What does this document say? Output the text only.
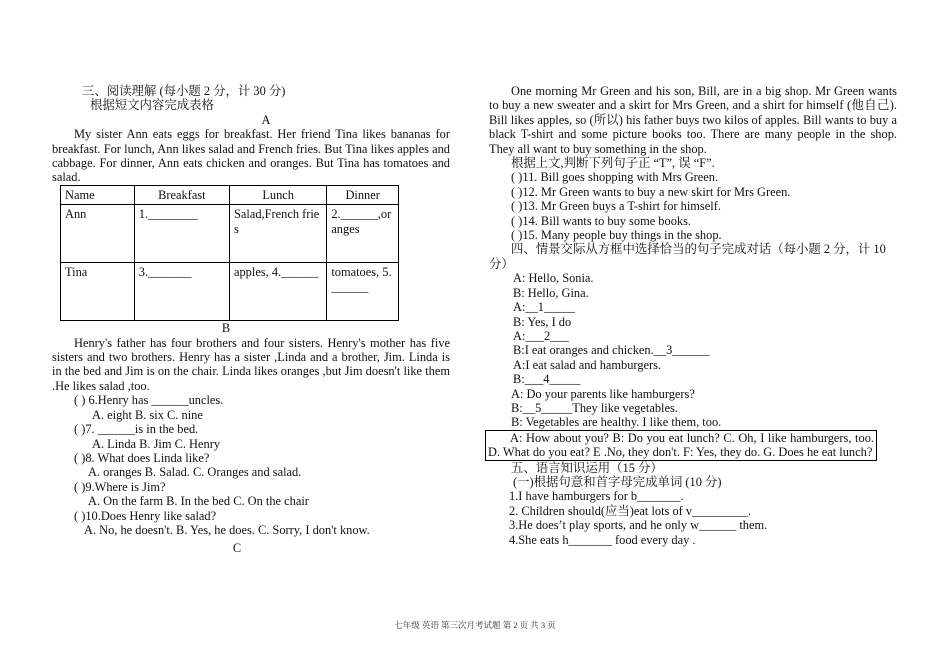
三、阅读理解 (每小题 2 分，计 30 分)
根据短文内容完成表格
A
My sister Ann eats eggs for breakfast. Her friend Tina likes bananas for breakfast. For lunch, Ann likes salad and French fries. But Tina likes apples and cabbage. For dinner, Ann eats chicken and oranges. But Tina has tomatoes and salad.
Name	Breakfast	Lunch	Dinner
Ann	1.________	Salad,French fries	2.______,oranges
Tina	3._______	apples, 4.______	tomatoes, 5.______
B
Henry's father has four brothers and four sisters. Henry's mother has five sisters and two brothers. Henry has a sister ,Linda and a brother, Jim. Linda is in the bed and Jim is on the chair. Linda likes oranges ,but Jim doesn't like them .He likes salad ,too.
( ) 6.Henry has ______uncles.
A. eight B. six C. nine
( )7. ______is in the bed.
A. Linda B. Jim C. Henry
( )8. What does Linda like?
A. oranges B. Salad. C. Oranges and salad.
( )9.Where is Jim?
A. On the farm B. In the bed C. On the chair
( )10.Does Henry like salad?
A. No, he doesn't. B. Yes, he does. C. Sorry, I don't know.
C
One morning Mr Green and his son, Bill, are in a big shop. Mr Green wants to buy a new sweater and a skirt for Mrs Green, and a shirt for himself (他自己). Bill likes apples, so (所以) his father buys two kilos of apples. Bill wants to buy a black T-shirt and some picture books too. There are many people in the shop. They all want to buy something in the shop.
根据上文,判断下列句子正 “T”, 误 “F”.
( )11. Bill goes shopping with Mrs Green.
( )12. Mr Green wants to buy a new skirt for Mrs Green.
( )13. Mr Green buys a T-shirt for himself.
( )14. Bill wants to buy some books.
( )15. Many people buy things in the shop.
四、情景交际从方框中选择恰当的句子完成对话（每小题 2 分，计 10 分）
A: Hello, Sonia.
B: Hello, Gina.
A:__1_____
B: Yes, I do
A:___2___
B:I eat oranges and chicken.__3______
A:I eat salad and hamburgers.
B:___4_____
A: Do your parents like hamburgers?
B:__5_____They like vegetables.
B: Vegetables are healthy. I like them, too.
A: How about you? B: Do you eat lunch? C. Oh, I like hamburgers, too. D. What do you eat? E .No, they don't. F: Yes, they do. G. Does he eat lunch?
五、语言知识运用（15 分）
(一)根据句意和首字母完成单词 (10 分)
1.I have hamburgers for b_______.
2. Children should(应当)eat lots of v_________.
3.He does’t play sports, and he only w______ them.
4.She eats h_______ food every day .
七年级 英语 第三次月考试题 第 2 页 共 3 页
